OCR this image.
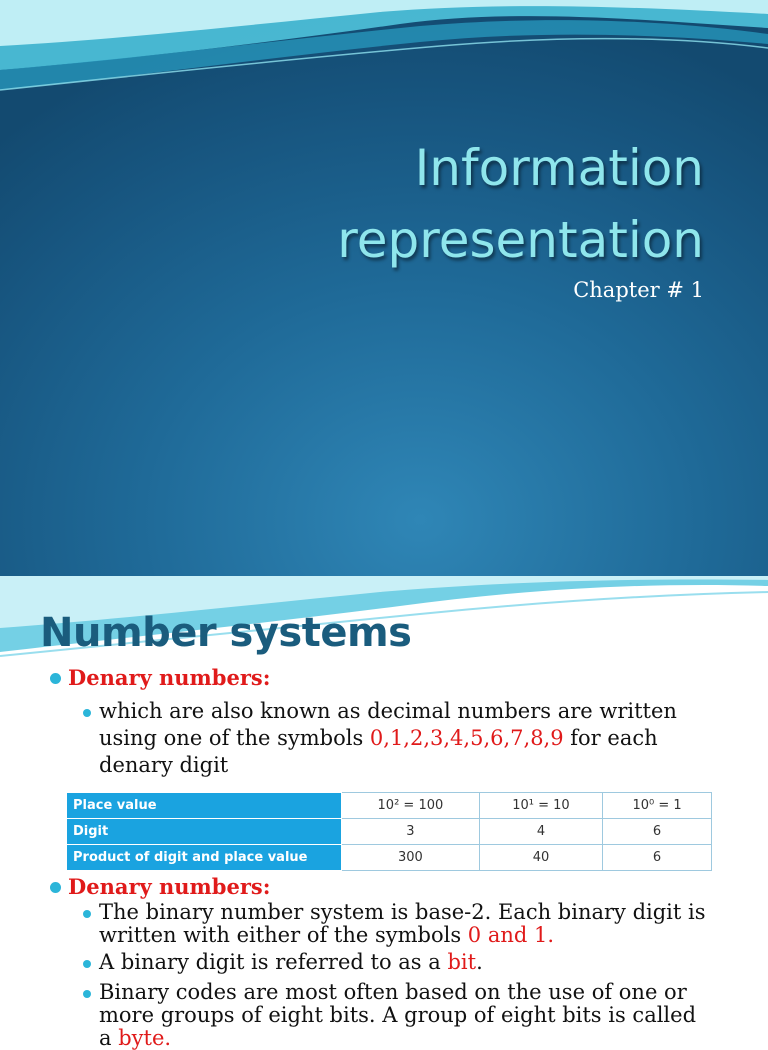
Information
representation
Chapter # 1
Number systems
Denary numbers:
which are also known as decimal numbers are written using one of the symbols 0,1,2,3,4,5,6,7,8,9 for each denary digit
Place value	10² = 100	10¹ = 10	10⁰ = 1
Digit	3	4	6
Product of digit and place value	300	40	6
Denary numbers:
The binary number system is base-2. Each binary digit is written with either of the symbols 0 and 1.
A binary digit is referred to as a bit.
Binary codes are most often based on the use of one or more groups of eight bits. A group of eight bits is called a byte.
